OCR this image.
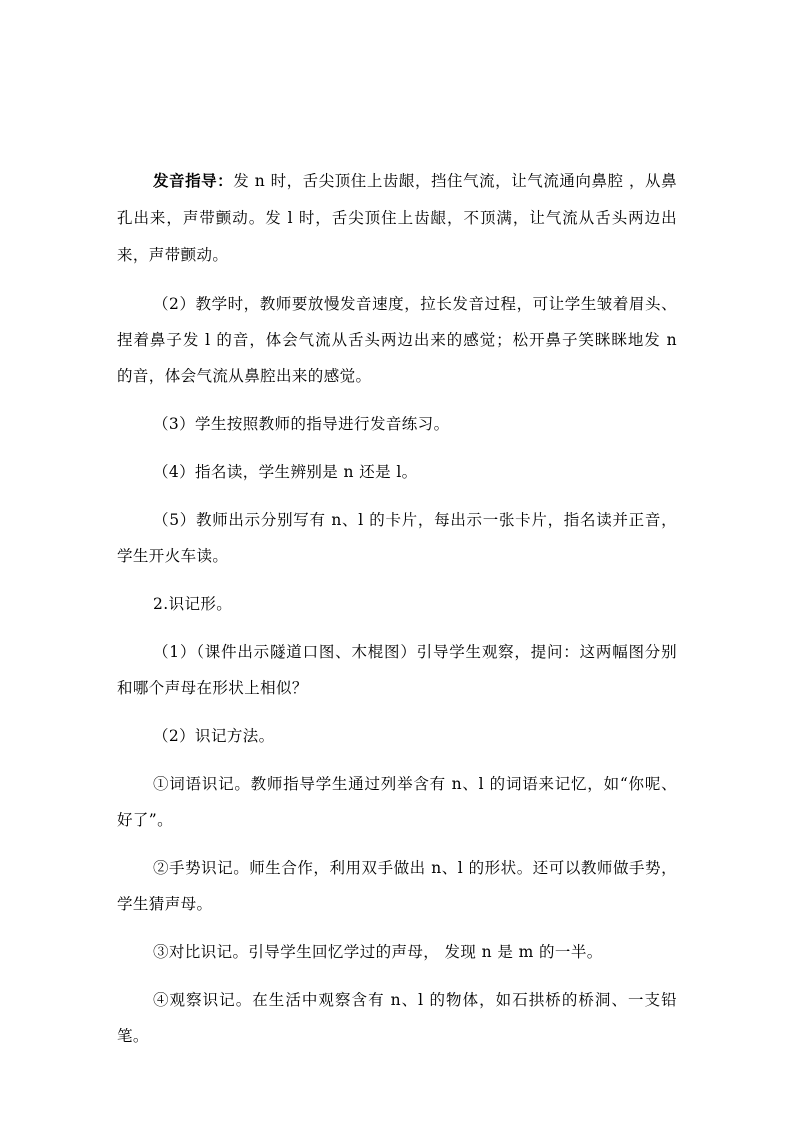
发音指导：发 n 时，舌尖顶住上齿龈，挡住气流，让气流通向鼻腔 ，从鼻孔出来，声带颤动。发 l 时，舌尖顶住上齿龈，不顶满，让气流从舌头两边出来，声带颤动。

（2）教学时，教师要放慢发音速度，拉长发音过程，可让学生皱着眉头、捏着鼻子发 l 的音，体会气流从舌头两边出来的感觉；松开鼻子笑眯眯地发 n 的音，体会气流从鼻腔出来的感觉。

（3）学生按照教师的指导进行发音练习。

（4）指名读，学生辨别是 n 还是 l。

（5）教师出示分别写有 n、l 的卡片，每出示一张卡片，指名读并正音，学生开火车读。

2.识记形。

（1）（课件出示隧道口图、木棍图）引导学生观察，提问：这两幅图分别和哪个声母在形状上相似？

（2）识记方法。

①词语识记。教师指导学生通过列举含有 n、l 的词语来记忆，如“你呢、好了”。

②手势识记。师生合作，利用双手做出 n、l 的形状。还可以教师做手势，学生猜声母。

③对比识记。引导学生回忆学过的声母， 发现 n 是 m 的一半。

④观察识记。在生活中观察含有 n、l 的物体，如石拱桥的桥洞、一支铅笔。
